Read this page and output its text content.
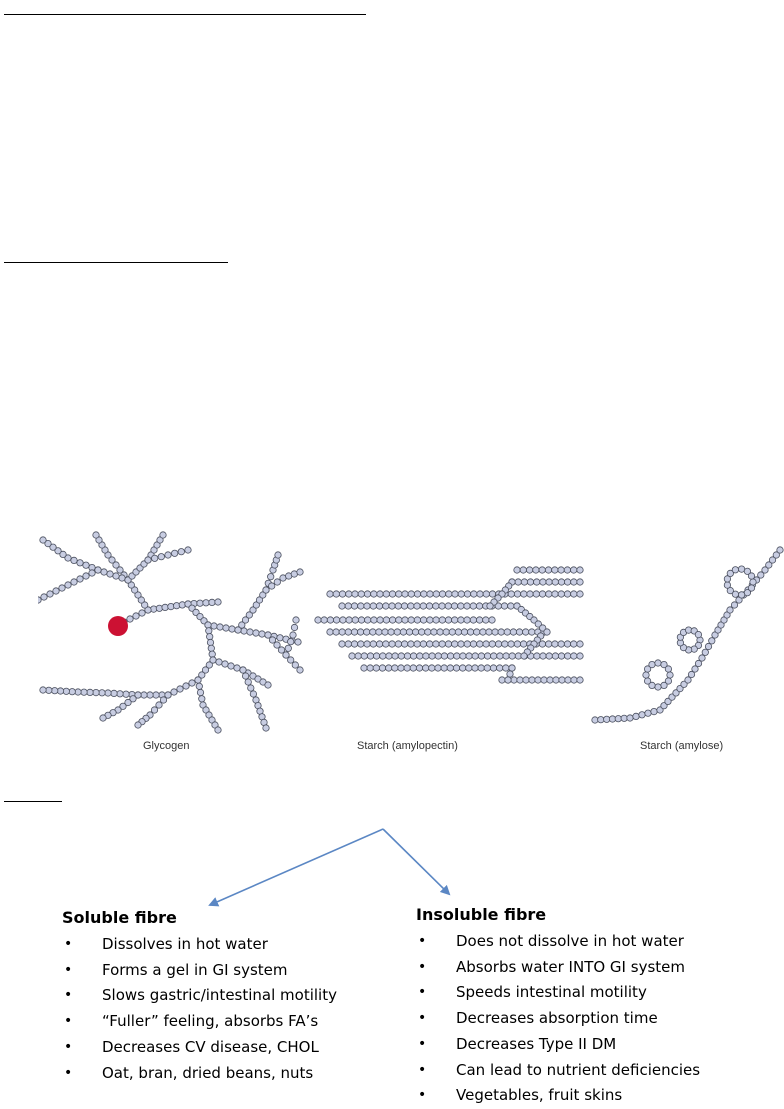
Glycogen	Starch (amylopectin)	Starch (amylose)
Soluble fibre
• Dissolves in hot water
• Forms a gel in GI system
• Slows gastric/intestinal motility
• “Fuller” feeling, absorbs FA’s
• Decreases CV disease, CHOL
• Oat, bran, dried beans, nuts
Insoluble fibre
• Does not dissolve in hot water
• Absorbs water INTO GI system
• Speeds intestinal motility
• Decreases absorption time
• Decreases Type II DM
• Can lead to nutrient deficiencies
• Vegetables, fruit skins
